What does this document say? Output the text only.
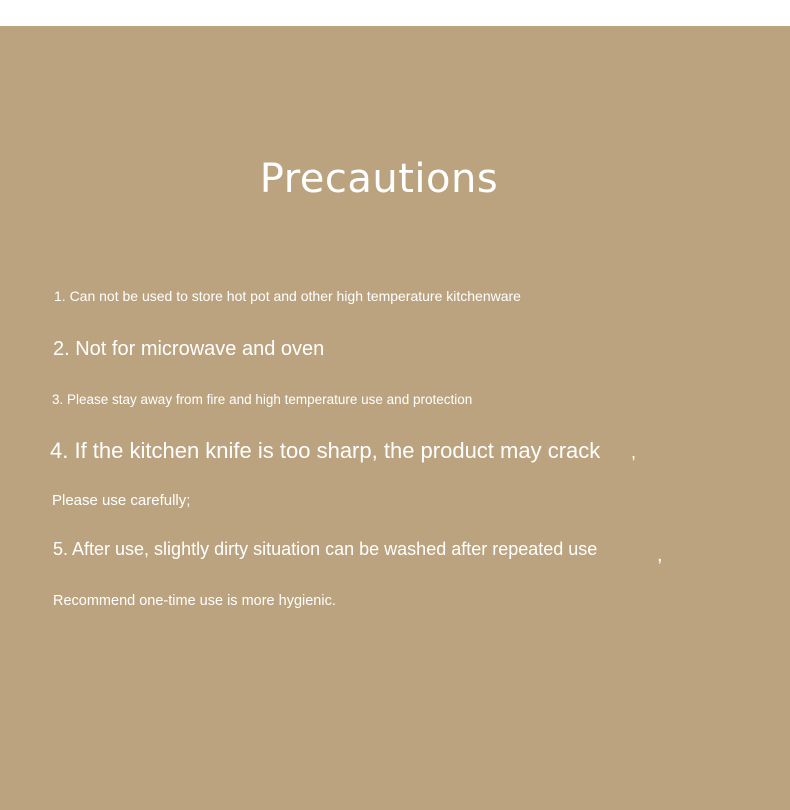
Precautions

1. Can not be used to store hot pot and other high temperature kitchenware

2. Not for microwave and oven

3. Please stay away from fire and high temperature use and protection

4. If the kitchen knife is too sharp, the product may crack ,

Please use carefully;

5. After use, slightly dirty situation can be washed after repeated use	,

Recommend one-time use is more hygienic.
